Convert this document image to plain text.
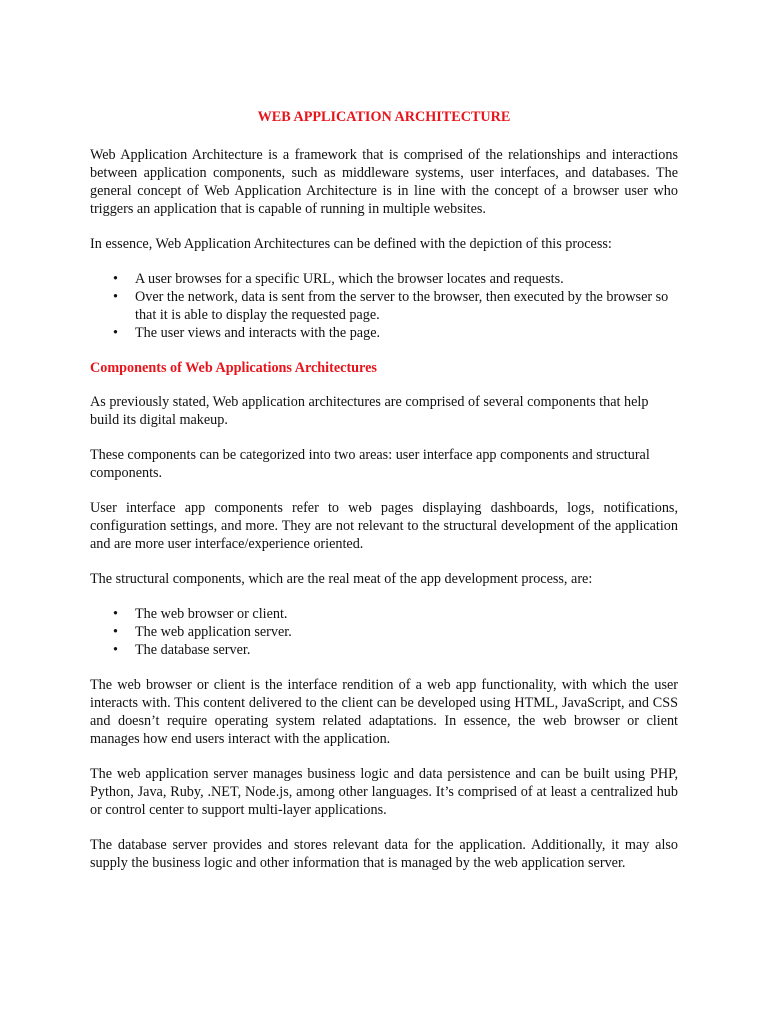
WEB APPLICATION ARCHITECTURE

Web Application Architecture is a framework that is comprised of the relationships and interactions between application components, such as middleware systems, user interfaces, and databases. The general concept of Web Application Architecture is in line with the concept of a browser user who triggers an application that is capable of running in multiple websites.

In essence, Web Application Architectures can be defined with the depiction of this process:

• A user browses for a specific URL, which the browser locates and requests.
• Over the network, data is sent from the server to the browser, then executed by the browser so that it is able to display the requested page.
• The user views and interacts with the page.
Components of Web Applications Architectures

As previously stated, Web application architectures are comprised of several components that help build its digital makeup.

These components can be categorized into two areas: user interface app components and structural components.

User interface app components refer to web pages displaying dashboards, logs, notifications, configuration settings, and more. They are not relevant to the structural development of the application and are more user interface/experience oriented.

The structural components, which are the real meat of the app development process, are:

• The web browser or client.
• The web application server.
• The database server.

The web browser or client is the interface rendition of a web app functionality, with which the user interacts with. This content delivered to the client can be developed using HTML, JavaScript, and CSS and doesn’t require operating system related adaptations. In essence, the web browser or client manages how end users interact with the application.

The web application server manages business logic and data persistence and can be built using PHP, Python, Java, Ruby, .NET, Node.js, among other languages. It’s comprised of at least a centralized hub or control center to support multi-layer applications.

The database server provides and stores relevant data for the application. Additionally, it may also supply the business logic and other information that is managed by the web application server.
